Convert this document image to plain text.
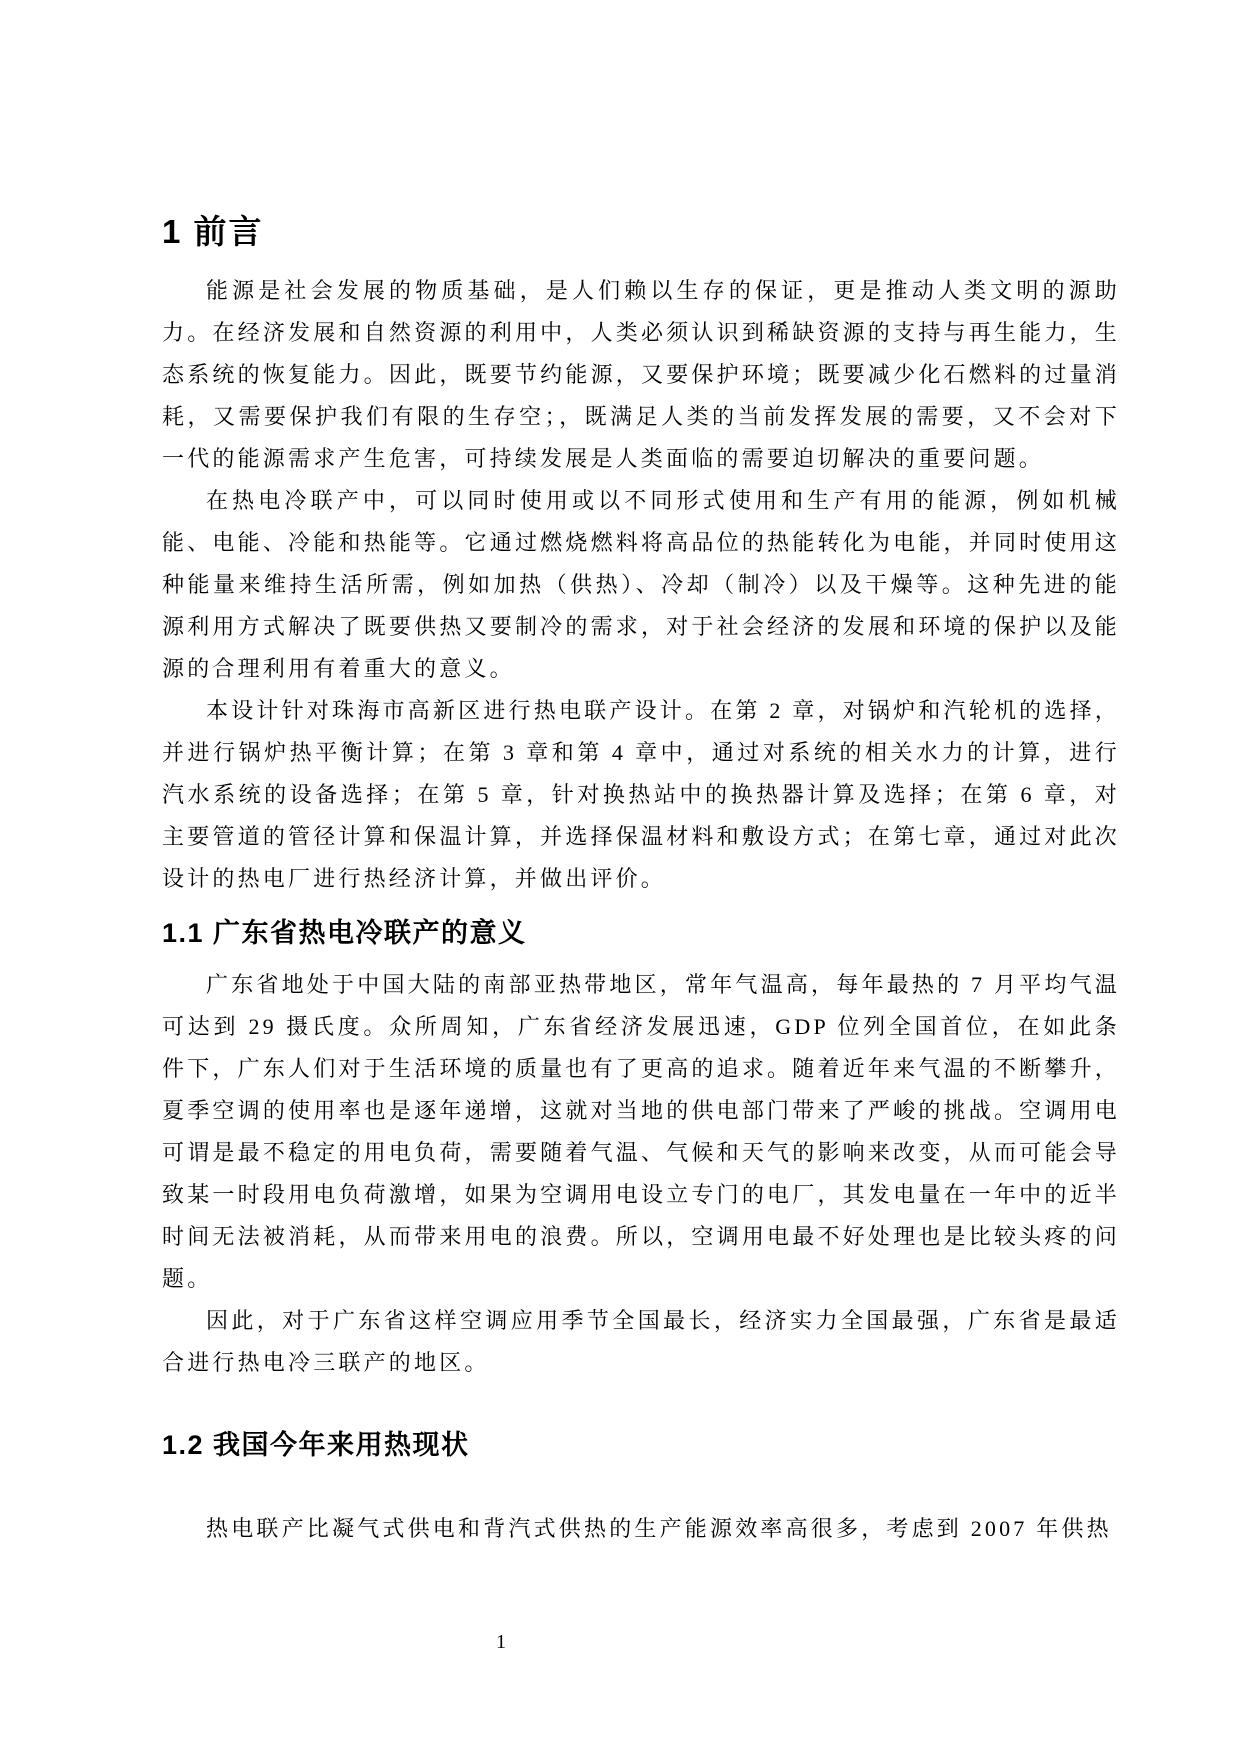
1 前言

能源是社会发展的物质基础，是人们赖以生存的保证，更是推动人类文明的源助力。在经济发展和自然资源的利用中，人类必须认识到稀缺资源的支持与再生能力，生态系统的恢复能力。因此，既要节约能源，又要保护环境；既要减少化石燃料的过量消耗，又需要保护我们有限的生存空；，既满足人类的当前发挥发展的需要，又不会对下一代的能源需求产生危害，可持续发展是人类面临的需要迫切解决的重要问题。

在热电冷联产中，可以同时使用或以不同形式使用和生产有用的能源，例如机械能、电能、冷能和热能等。它通过燃烧燃料将高品位的热能转化为电能，并同时使用这种能量来维持生活所需，例如加热（供热）、冷却（制冷）以及干燥等。这种先进的能源利用方式解决了既要供热又要制冷的需求，对于社会经济的发展和环境的保护以及能源的合理利用有着重大的意义。

本设计针对珠海市高新区进行热电联产设计。在第 2 章，对锅炉和汽轮机的选择，并进行锅炉热平衡计算；在第 3 章和第 4 章中，通过对系统的相关水力的计算，进行汽水系统的设备选择；在第 5 章，针对换热站中的换热器计算及选择；在第 6 章，对主要管道的管径计算和保温计算，并选择保温材料和敷设方式；在第七章，通过对此次设计的热电厂进行热经济计算，并做出评价。

1.1 广东省热电冷联产的意义

广东省地处于中国大陆的南部亚热带地区，常年气温高，每年最热的 7 月平均气温可达到 29 摄氏度。众所周知，广东省经济发展迅速，GDP 位列全国首位，在如此条件下，广东人们对于生活环境的质量也有了更高的追求。随着近年来气温的不断攀升，夏季空调的使用率也是逐年递增，这就对当地的供电部门带来了严峻的挑战。空调用电可谓是最不稳定的用电负荷，需要随着气温、气候和天气的影响来改变，从而可能会导致某一时段用电负荷激增，如果为空调用电设立专门的电厂，其发电量在一年中的近半时间无法被消耗，从而带来用电的浪费。所以，空调用电最不好处理也是比较头疼的问题。

因此，对于广东省这样空调应用季节全国最长，经济实力全国最强，广东省是最适合进行热电冷三联产的地区。

1.2 我国今年来用热现状

热电联产比凝气式供电和背汽式供热的生产能源效率高很多，考虑到 2007 年供热

1
